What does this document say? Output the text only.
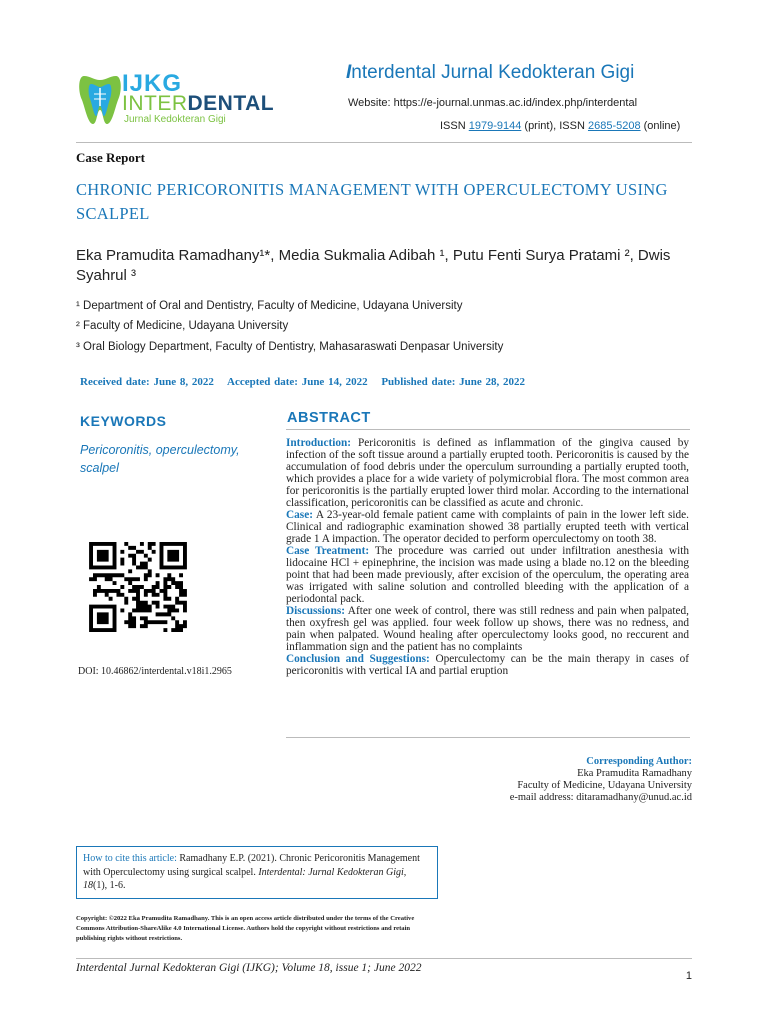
IJKG
INTERDENTAL
Jurnal Kedokteran Gigi
Interdental Jurnal Kedokteran Gigi
Website: https://e-journal.unmas.ac.id/index.php/interdental
ISSN 1979-9144 (print), ISSN 2685-5208 (online)
Case Report
CHRONIC PERICORONITIS MANAGEMENT WITH OPERCULECTOMY USING SCALPEL
Eka Pramudita Ramadhany¹*, Media Sukmalia Adibah ¹, Putu Fenti Surya Pratami ², Dwis Syahrul ³
¹ Department of Oral and Dentistry, Faculty of Medicine, Udayana University
² Faculty of Medicine, Udayana University
³ Oral Biology Department, Faculty of Dentistry, Mahasaraswati Denpasar University
Received date: June 8, 2022 Accepted date: June 14, 2022 Published date: June 28, 2022
KEYWORDS
Pericoronitis, operculectomy, scalpel
DOI: 10.46862/interdental.v18i1.2965
ABSTRACT

Introduction: Pericoronitis is defined as inflammation of the gingiva caused by infection of the soft tissue around a partially erupted tooth. Pericoronitis is caused by the accumulation of food debris under the operculum surrounding a partially erupted tooth, which provides a place for a wide variety of polymicrobial flora. The most common area for pericoronitis is the partially erupted lower third molar. According to the international classification, pericoronitis can be classified as acute and chronic.

Case: A 23-year-old female patient came with complaints of pain in the lower left side. Clinical and radiographic examination showed 38 partially erupted teeth with vertical grade 1 A impaction. The operator decided to perform operculectomy on tooth 38.

Case Treatment: The procedure was carried out under infiltration anesthesia with lidocaine HCl + epinephrine, the incision was made using a blade no.12 on the bleeding point that had been made previously, after excision of the operculum, the operating area was irrigated with saline solution and controlled bleeding with the application of a periodontal pack.

Discussions: After one week of control, there was still redness and pain when palpated, then oxyfresh gel was applied. four week follow up shows, there was no redness, and pain when palpated. Wound healing after operculectomy looks good, no reccurent and inflammation sign and the patient has no complaints

Conclusion and Suggestions: Operculectomy can be the main therapy in cases of pericoronitis with vertical IA and partial eruption

Corresponding Author:
Eka Pramudita Ramadhany
Faculty of Medicine, Udayana University
e-mail address: ditaramadhany@unud.ac.id
How to cite this article: Ramadhany E.P. (2021). Chronic Pericoronitis Management with Operculectomy using surgical scalpel. Interdental: Jurnal Kedokteran Gigi, 18(1), 1-6.
Copyright: ©2022 Eka Pramudita Ramadhany. This is an open access article distributed under the terms of the Creative Commons Attribution-ShareAlike 4.0 International License. Authors hold the copyright without restrictions and retain publishing rights without restrictions.
Interdental Jurnal Kedokteran Gigi (IJKG); Volume 18, issue 1; June 2022
1
